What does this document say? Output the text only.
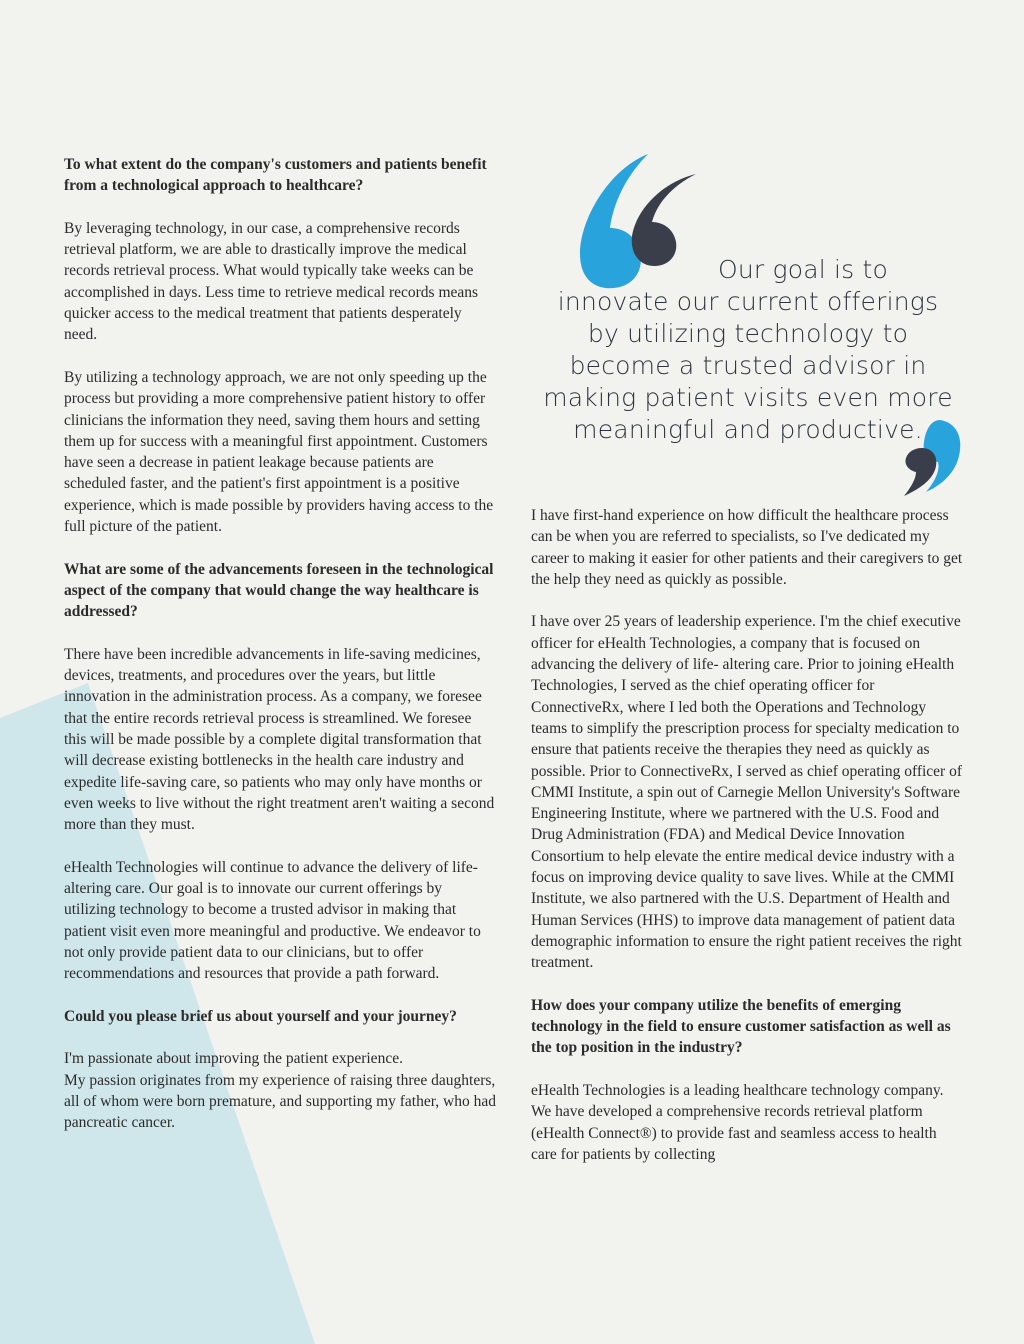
To what extent do the company's customers and patients benefit from a technological approach to healthcare?

By leveraging technology, in our case, a comprehensive records retrieval platform, we are able to drastically improve the medical records retrieval process. What would typically take weeks can be accomplished in days. Less time to retrieve medical records means quicker access to the medical treatment that patients desperately need.

By utilizing a technology approach, we are not only speeding up the process but providing a more comprehensive patient history to offer clinicians the information they need, saving them hours and setting them up for success with a meaningful first appointment. Customers have seen a decrease in patient leakage because patients are scheduled faster, and the patient's first appointment is a positive experience, which is made possible by providers having access to the full picture of the patient.

What are some of the advancements foreseen in the technological aspect of the company that would change the way healthcare is addressed?

There have been incredible advancements in life-saving medicines, devices, treatments, and procedures over the years, but little innovation in the administration process. As a company, we foresee that the entire records retrieval process is streamlined. We foresee this will be made possible by a complete digital transformation that will decrease existing bottlenecks in the health care industry and expedite life-saving care, so patients who may only have months or even weeks to live without the right treatment aren't waiting a second more than they must.

eHealth Technologies will continue to advance the delivery of life-altering care. Our goal is to innovate our current offerings by utilizing technology to become a trusted advisor in making that patient visit even more meaningful and productive. We endeavor to not only provide patient data to our clinicians, but to offer recommendations and resources that provide a path forward.

Could you please brief us about yourself and your journey?

I'm passionate about improving the patient experience.

My passion originates from my experience of raising three daughters, all of whom were born premature, and supporting my father, who had pancreatic cancer.

Our goal is to
innovate our current offerings
by utilizing technology to
become a trusted advisor in
making patient visits even more
meaningful and productive.

I have first-hand experience on how difficult the healthcare process can be when you are referred to specialists, so I've dedicated my career to making it easier for other patients and their caregivers to get the help they need as quickly as possible.

I have over 25 years of leadership experience. I'm the chief executive officer for eHealth Technologies, a company that is focused on advancing the delivery of life- altering care. Prior to joining eHealth Technologies, I served as the chief operating officer for ConnectiveRx, where I led both the Operations and Technology teams to simplify the prescription process for specialty medication to ensure that patients receive the therapies they need as quickly as possible. Prior to ConnectiveRx, I served as chief operating officer of CMMI Institute, a spin out of Carnegie Mellon University's Software Engineering Institute, where we partnered with the U.S. Food and Drug Administration (FDA) and Medical Device Innovation Consortium to help elevate the entire medical device industry with a focus on improving device quality to save lives. While at the CMMI Institute, we also partnered with the U.S. Department of Health and Human Services (HHS) to improve data management of patient data demographic information to ensure the right patient receives the right treatment.

How does your company utilize the benefits of emerging technology in the field to ensure customer satisfaction as well as the top position in the industry?

eHealth Technologies is a leading healthcare technology company. We have developed a comprehensive records retrieval platform (eHealth Connect®) to provide fast and seamless access to health care for patients by collecting
